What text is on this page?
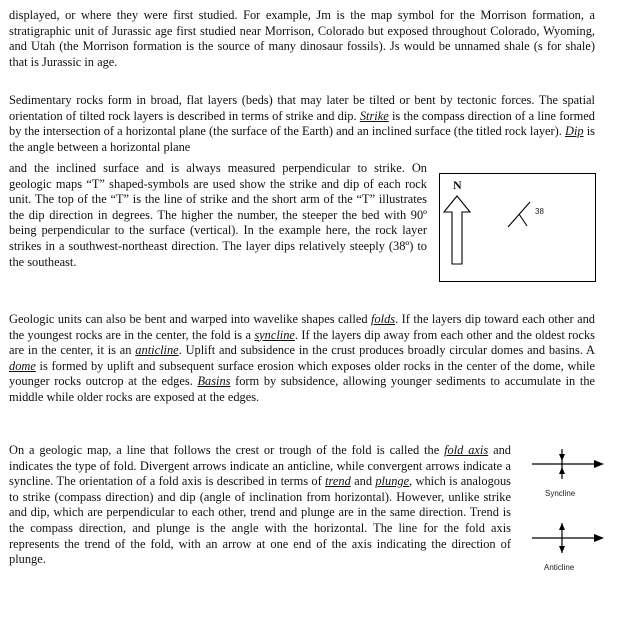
displayed, or where they were first studied. For example, Jm is the map symbol for the Morrison formation, a stratigraphic unit of Jurassic age first studied near Morrison, Colorado but exposed throughout Colorado, Wyoming, and Utah (the Morrison formation is the source of many dinosaur fossils). Js would be unnamed shale (s for shale) that is Jurassic in age.

Sedimentary rocks form in broad, flat layers (beds) that may later be tilted or bent by tectonic forces. The spatial orientation of tilted rock layers is described in terms of strike and dip. Strike is the compass direction of a line formed by the intersection of a horizontal plane (the surface of the Earth) and an inclined surface (the titled rock layer). Dip is the angle between a horizontal plane

and the inclined surface and is always measured perpendicular to strike. On geologic maps “T” shaped-symbols are used show the strike and dip of each rock unit. The top of the “T” is the line of strike and the short arm of the “T” illustrates the dip direction in degrees. The higher the number, the steeper the bed with 90º being perpendicular to the surface (vertical). In the example here, the rock layer strikes in a southwest-northeast direction. The layer dips relatively steeply (38º) to the southeast.

N
38

Geologic units can also be bent and warped into wavelike shapes called folds. If the layers dip toward each other and the youngest rocks are in the center, the fold is a syncline. If the layers dip away from each other and the oldest rocks are in the center, it is an anticline. Uplift and subsidence in the crust produces broadly circular domes and basins. A dome is formed by uplift and subsequent surface erosion which exposes older rocks in the center of the dome, while younger rocks outcrop at the edges. Basins form by subsidence, allowing younger sediments to accumulate in the middle while older rocks are exposed at the edges.

On a geologic map, a line that follows the crest or trough of the fold is called the fold axis and indicates the type of fold. Divergent arrows indicate an anticline, while convergent arrows indicate a syncline. The orientation of a fold axis is described in terms of trend and plunge, which is analogous to strike (compass direction) and dip (angle of inclination from horizontal). However, unlike strike and dip, which are perpendicular to each other, trend and plunge are in the same direction. Trend is the compass direction, and plunge is the angle with the horizontal. The line for the fold axis represents the trend of the fold, with an arrow at one end of the axis indicating the direction of plunge.

Syncline
Anticline
